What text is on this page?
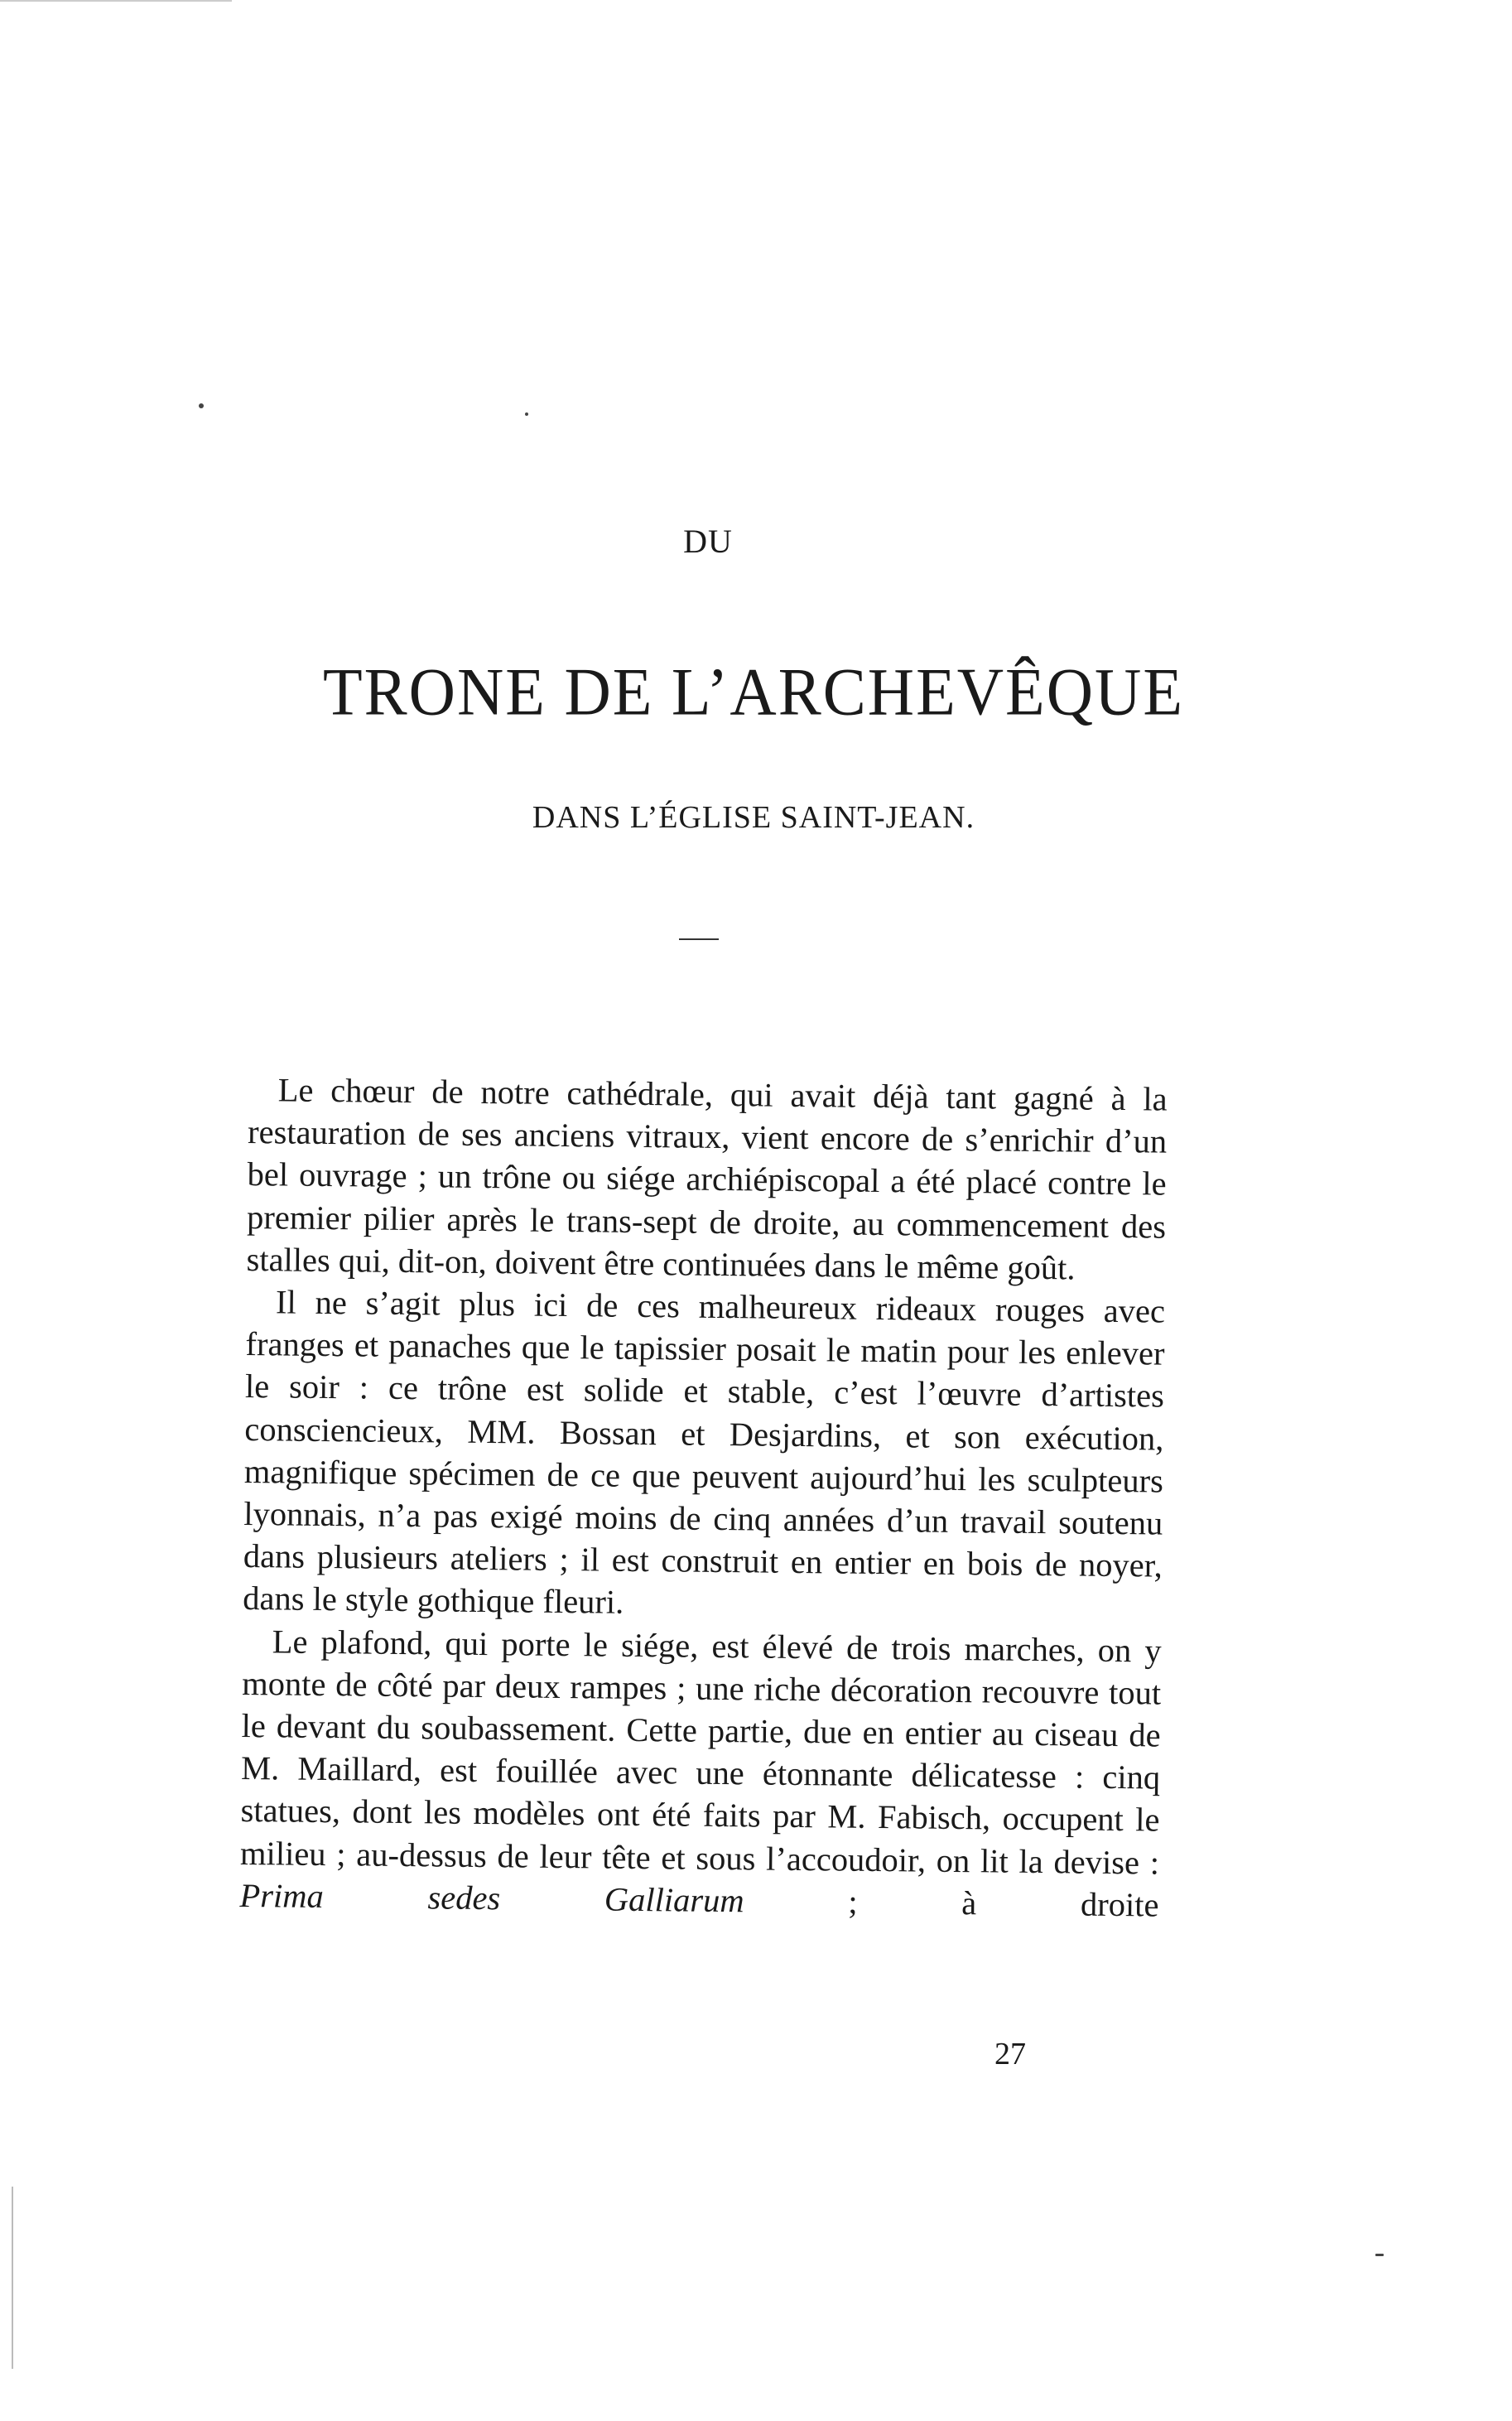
DU
TRONE DE L’ARCHEVÊQUE
DANS L’ÉGLISE SAINT-JEAN.

Le chœur de notre cathédrale, qui avait déjà tant gagné à la restauration de ses anciens vitraux, vient encore de s’enrichir d’un bel ouvrage ; un trône ou siége archiépiscopal a été placé contre le premier pilier après le trans-sept de droite, au commencement des stalles qui, dit-on, doivent être continuées dans le même goût.

Il ne s’agit plus ici de ces malheureux rideaux rouges avec franges et panaches que le tapissier posait le matin pour les enlever le soir : ce trône est solide et stable, c’est l’œuvre d’artistes consciencieux, MM. Bossan et Desjardins, et son exécution, magnifique spécimen de ce que peuvent aujourd’hui les sculpteurs lyonnais, n’a pas exigé moins de cinq années d’un travail soutenu dans plusieurs ateliers ; il est construit en entier en bois de noyer, dans le style gothique fleuri.

Le plafond, qui porte le siége, est élevé de trois marches, on y monte de côté par deux rampes ; une riche décoration recouvre tout le devant du soubassement. Cette partie, due en entier au ciseau de M. Maillard, est fouillée avec une étonnante délicatesse : cinq statues, dont les modèles ont été faits par M. Fabisch, occupent le milieu ; au-dessus de leur tête et sous l’accoudoir, on lit la devise : Prima sedes Galliarum ; à droite

27
